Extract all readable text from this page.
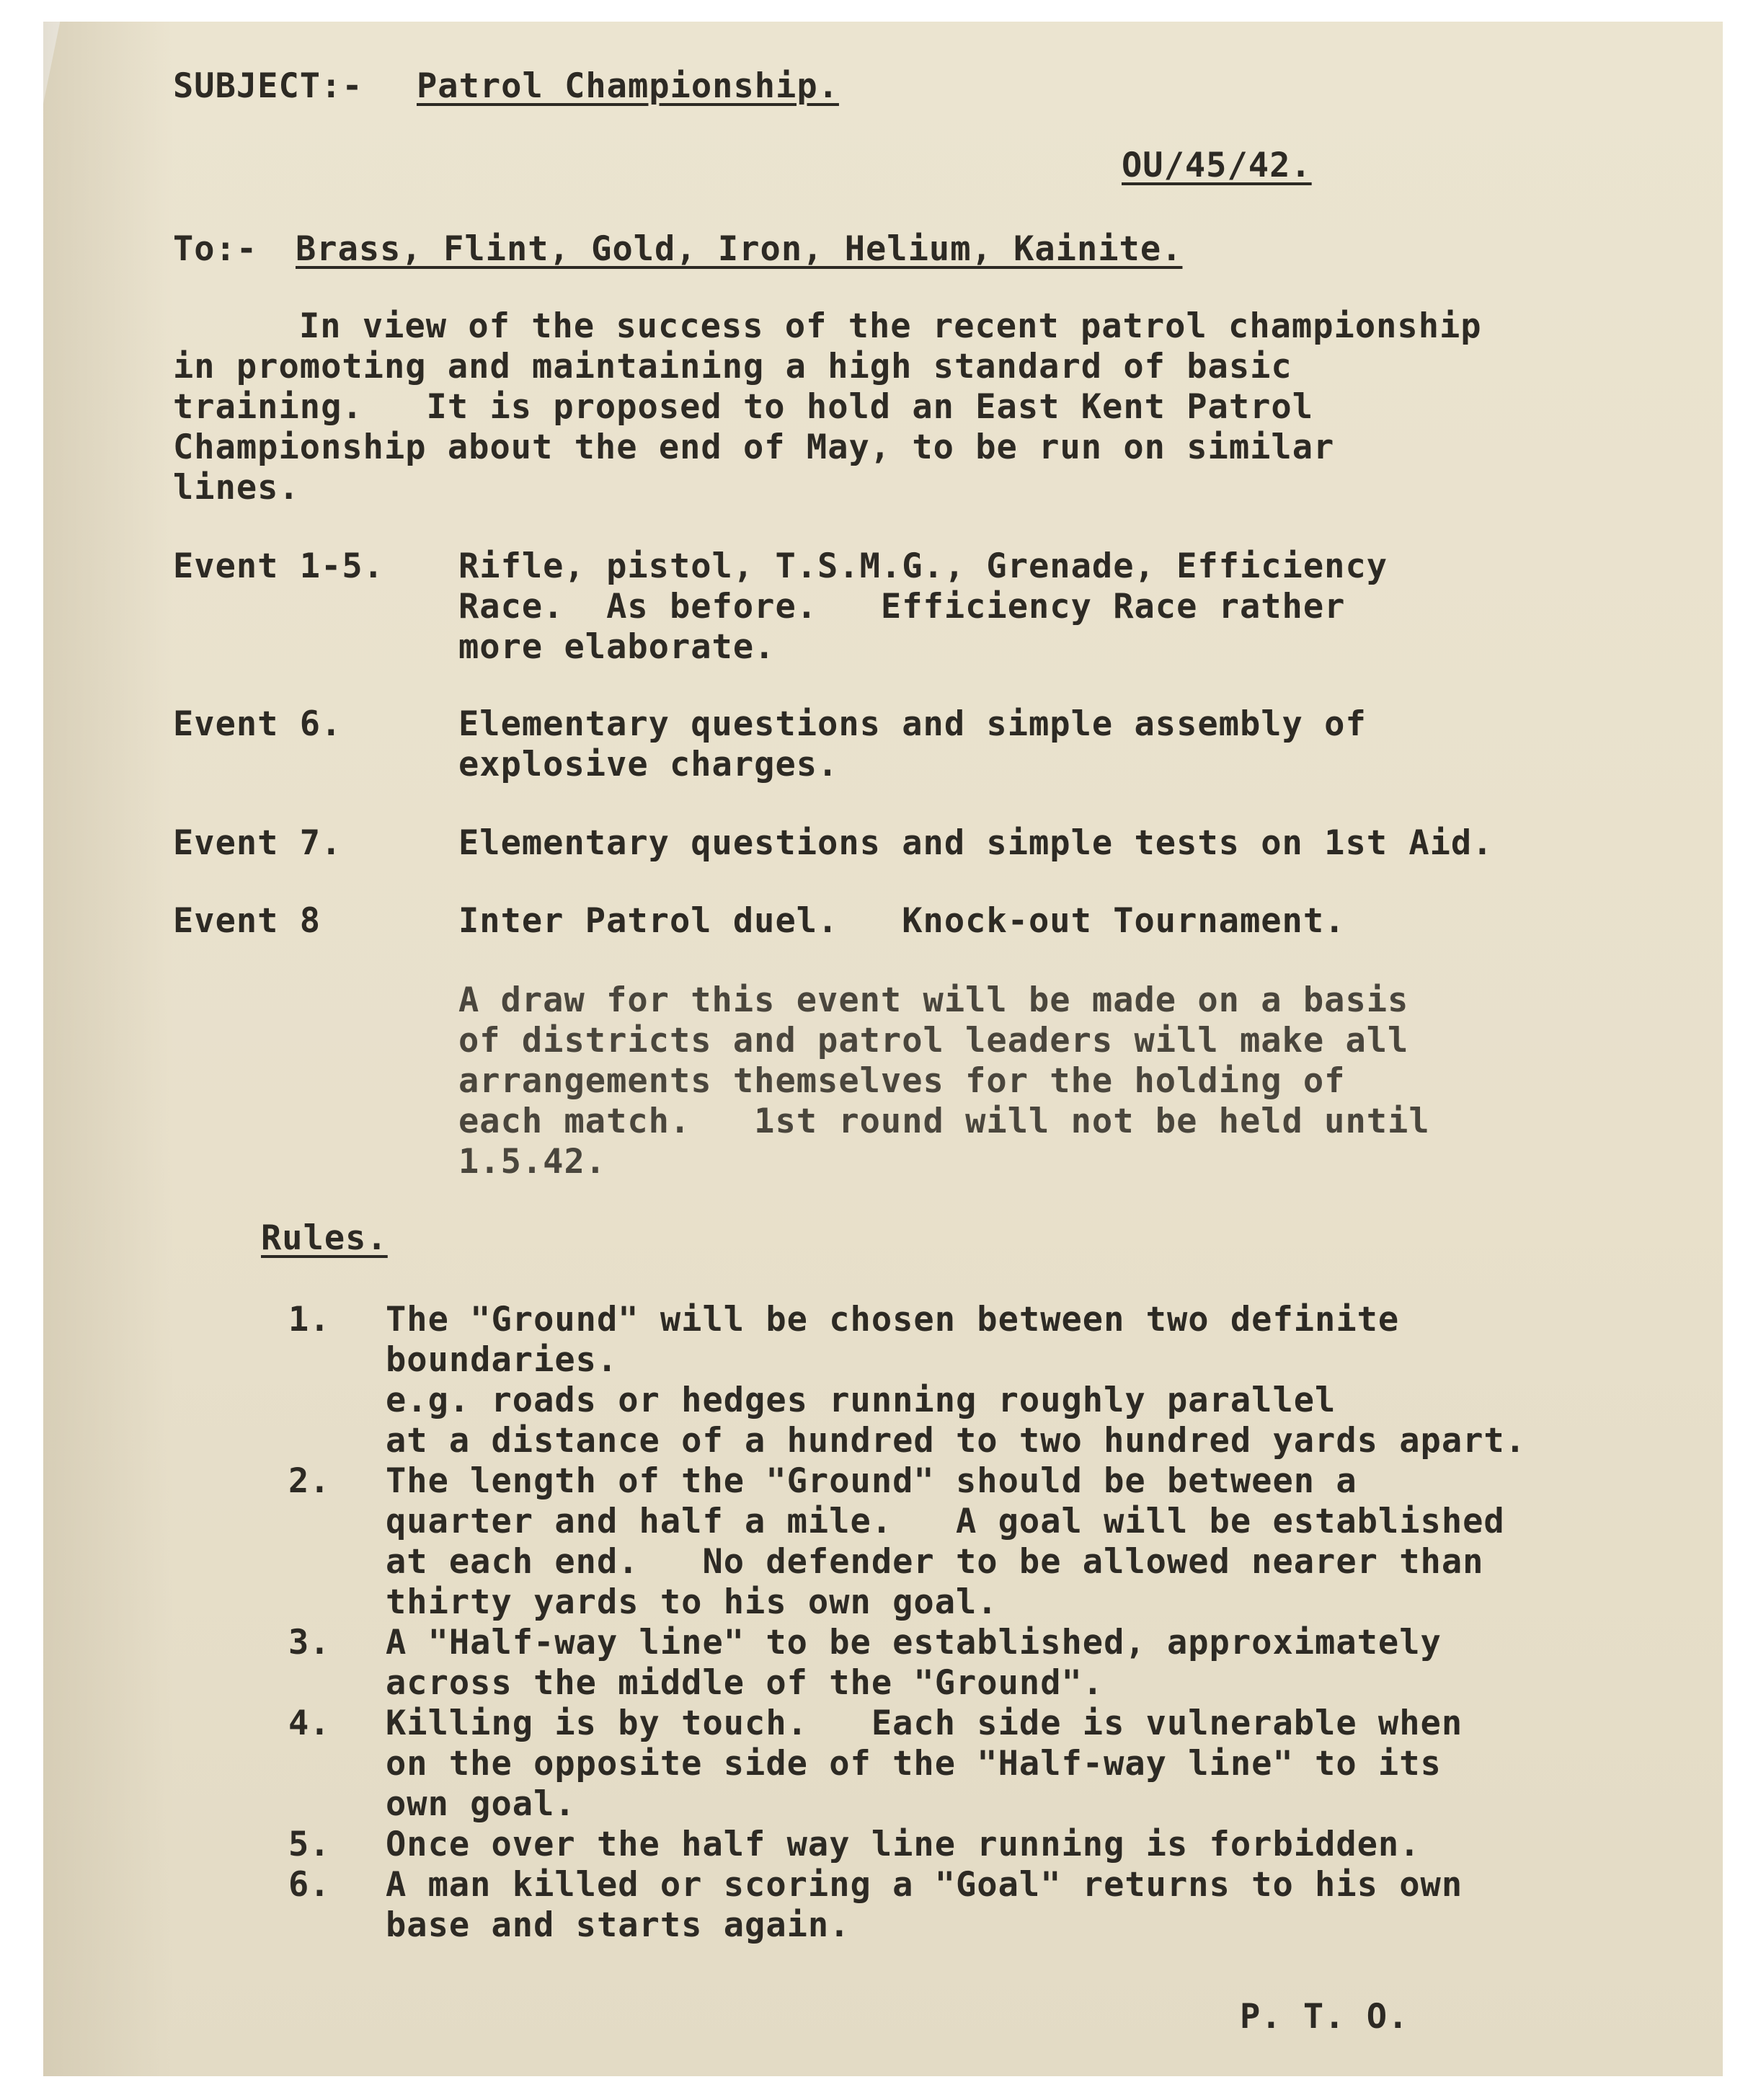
SUBJECT:- Patrol Championship.

OU/45/42.

To:- Brass, Flint, Gold, Iron, Helium, Kainite.

In view of the success of the recent patrol championship

in promoting and maintaining a high standard of basic

training.   It is proposed to hold an East Kent Patrol

Championship about the end of May, to be run on similar

lines.

Event 1-5. Rifle, pistol, T.S.M.G., Grenade, Efficiency

Race.  As before.   Efficiency Race rather

more elaborate.

Event 6.	Elementary questions and simple assembly of

explosive charges.

Event 7.	Elementary questions and simple tests on 1st Aid.

Event 8	Inter Patrol duel.   Knock-out Tournament.

A draw for this event will be made on a basis

of districts and patrol leaders will make all

arrangements themselves for the holding of

each match.   1st round will not be held until

1.5.42.

Rules.

1. The "Ground" will be chosen between two definite

boundaries.

e.g. roads or hedges running roughly parallel

at a distance of a hundred to two hundred yards apart.

2. The length of the "Ground" should be between a

quarter and half a mile.   A goal will be established

at each end.   No defender to be allowed nearer than

thirty yards to his own goal.

3. A "Half-way line" to be established, approximately

across the middle of the "Ground".

4. Killing is by touch.   Each side is vulnerable when

on the opposite side of the "Half-way line" to its

own goal.

5. Once over the half way line running is forbidden.

6. A man killed or scoring a "Goal" returns to his own

base and starts again.

P. T. O.
